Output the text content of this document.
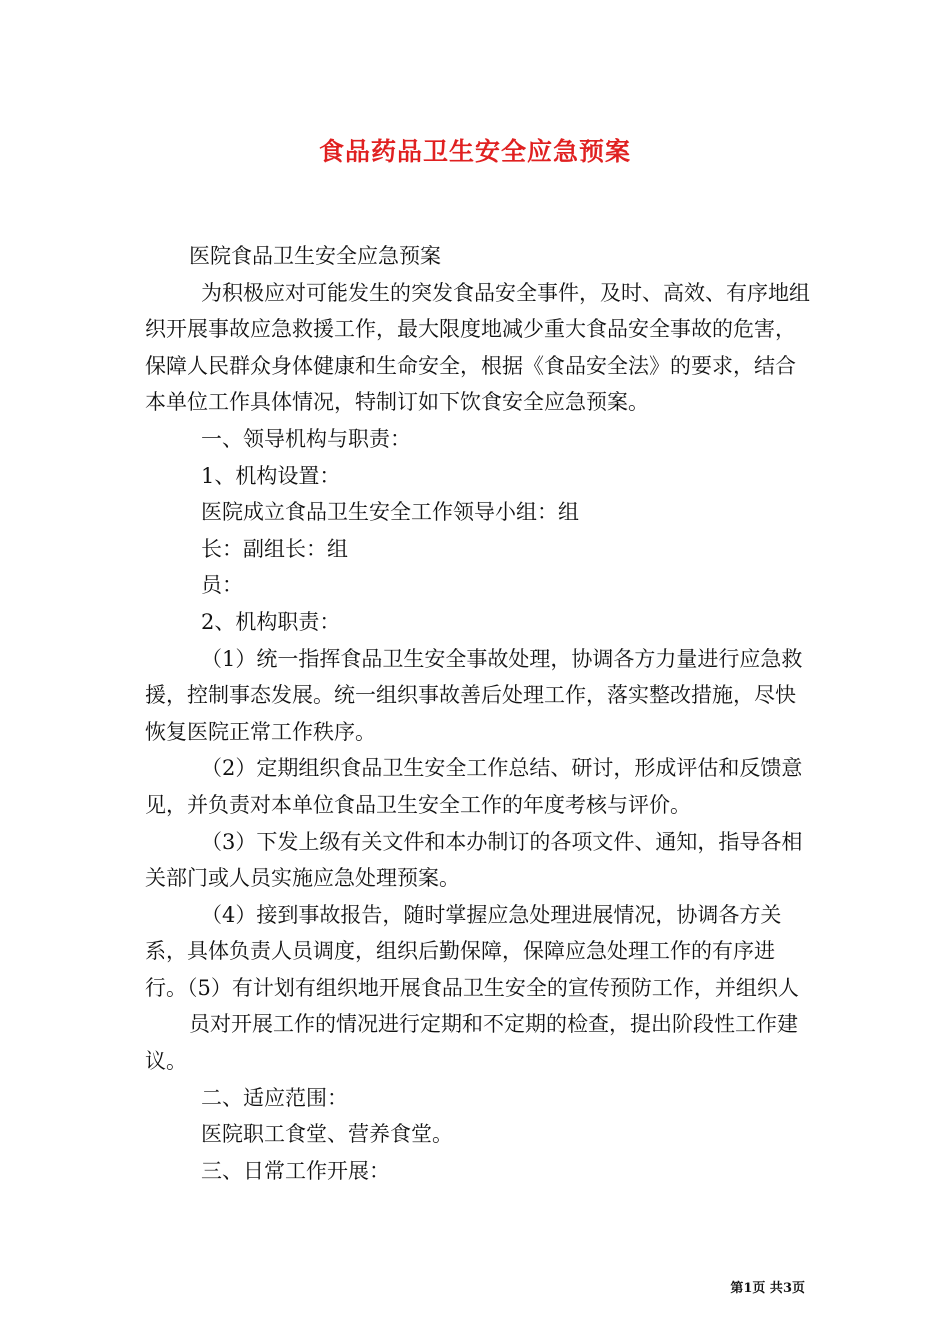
食品药品卫生安全应急预案

医院食品卫生安全应急预案

为积极应对可能发生的突发食品安全事件，及时、高效、有序地组织开展事故应急救援工作，最大限度地减少重大食品安全事故的危害，保障人民群众身体健康和生命安全，根据《食品安全法》的要求，结合本单位工作具体情况，特制订如下饮食安全应急预案。

一、领导机构与职责：

1、机构设置：

医院成立食品卫生安全工作领导小组：组

长：副组长：组

员：

2、机构职责：

（1）统一指挥食品卫生安全事故处理，协调各方力量进行应急救援，控制事态发展。统一组织事故善后处理工作，落实整改措施，尽快恢复医院正常工作秩序。

（2）定期组织食品卫生安全工作总结、研讨，形成评估和反馈意见，并负责对本单位食品卫生安全工作的年度考核与评价。

（3）下发上级有关文件和本办制订的各项文件、通知，指导各相关部门或人员实施应急处理预案。

（4）接到事故报告，随时掌握应急处理进展情况，协调各方关系，具体负责人员调度，组织后勤保障，保障应急处理工作的有序进行。（5）有计划有组织地开展食品卫生安全的宣传预防工作，并组织人

员对开展工作的情况进行定期和不定期的检查，提出阶段性工作建议。

二、适应范围：

医院职工食堂、营养食堂。

三、日常工作开展：

第1页 共3页
